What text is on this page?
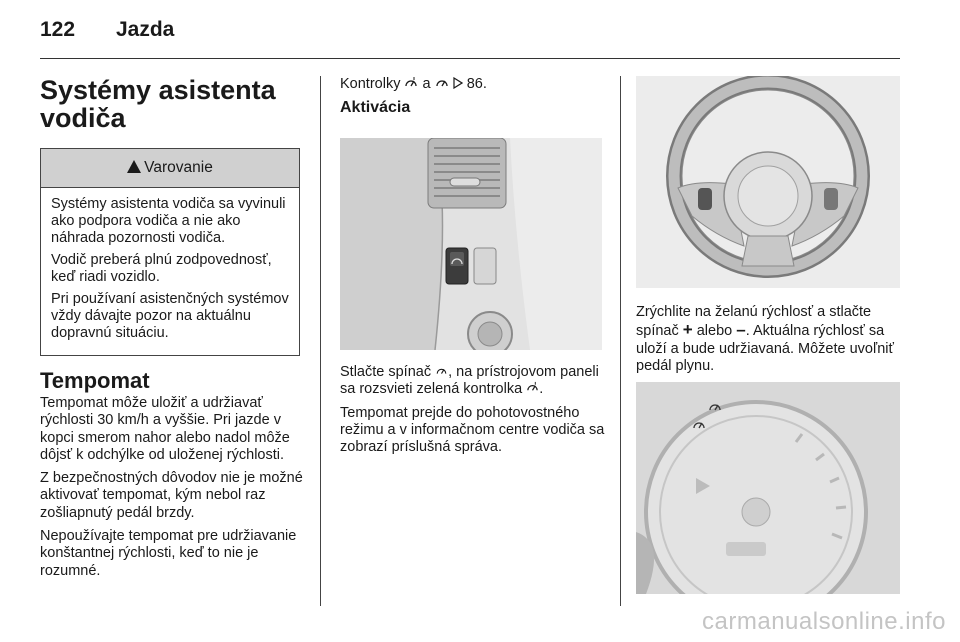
122 Jazda
Systémy asistenta vodiča
!
Varovanie

Systémy asistenta vodiča sa vyvinuli ako podpora vodiča a nie ako náhrada pozornosti vodiča.

Vodič preberá plnú zodpovednosť, keď riadi vozidlo.

Pri používaní asistenčných systémov vždy dávajte pozor na aktuálnu dopravnú situáciu.

Tempomat

Tempomat môže uložiť a udržiavať rýchlosti 30 km/h a vyššie. Pri jazde v kopci smerom nahor alebo nadol môže dôjsť k odchýlke od uloženej rýchlosti.

Z bezpečnostných dôvodov nie je možné aktivovať tempomat, kým nebol raz zošliapnutý pedál brzdy.

Nepoužívajte tempomat pre udržiavanie konštantnej rýchlosti, keď to nie je rozumné.

Kontrolky a 86.

Aktivácia

Stlačte spínač , na prístrojovom paneli sa rozsvieti zelená kontrolka .

Tempomat prejde do pohotovostného režimu a v informačnom centre vodiča sa zobrazí príslušná správa.

Zrýchlite na želanú rýchlosť a stlačte spínač + alebo –. Aktuálna rýchlosť sa uloží a bude udržiavaná. Môžete uvoľniť pedál plynu.
carmanualsonline.info
